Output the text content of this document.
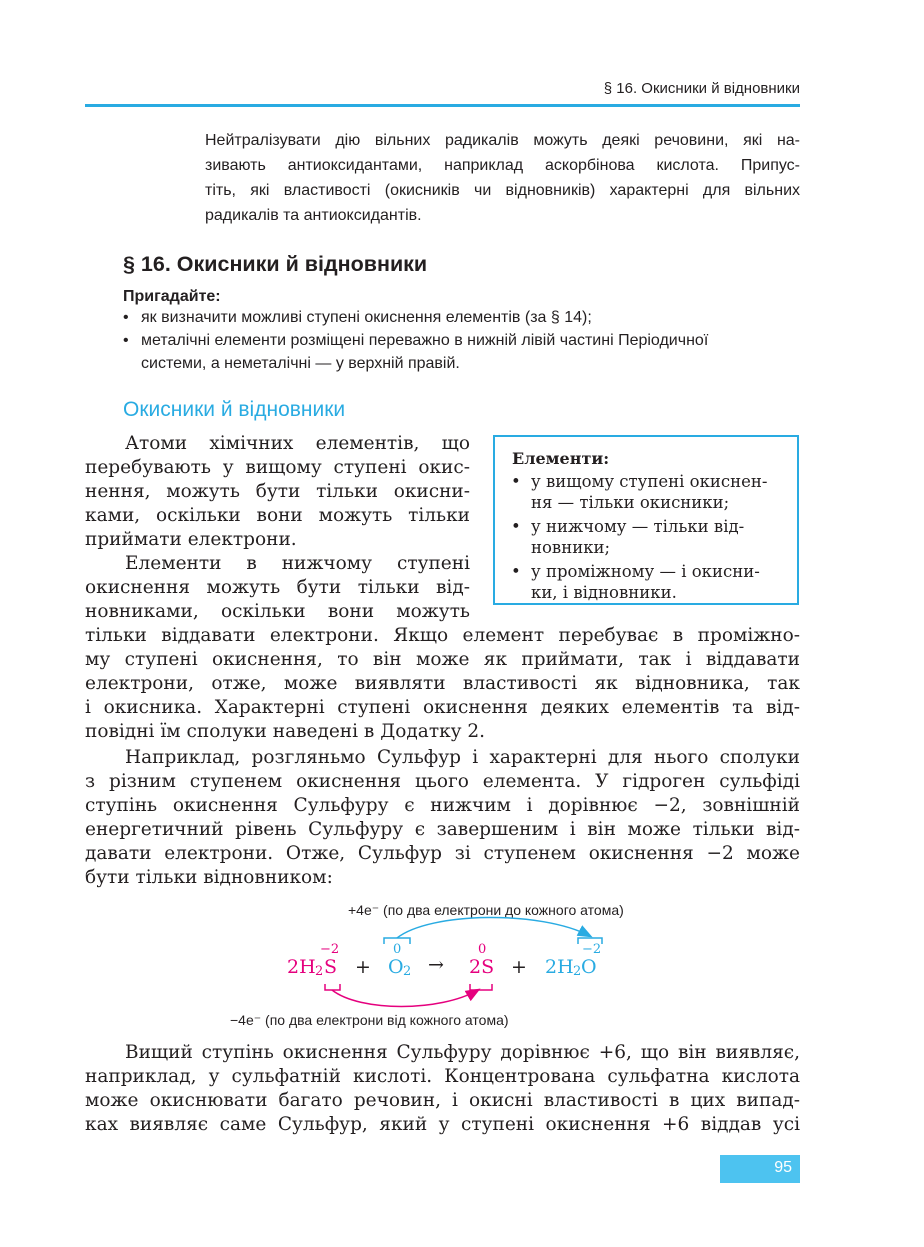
§ 16. Окисники й відновники
Нейтралізувати дію вільних радикалів можуть деякі речовини, які на-
зивають антиоксидантами, наприклад аскорбінова кислота. Припус-
тіть, які властивості (окисників чи відновників) характерні для вільних
радикалів та антиоксидантів.
§ 16. Окисники й відновники
Пригадайте:
• як визначити можливі ступені окиснення елементів (за § 14);
• металічні елементи розміщені переважно в нижній лівій частині Періодичної
системи, а неметалічні — у верхній правій.
Окисники й відновники
Атоми хімічних елементів, що
перебувають у вищому ступені окис-
нення, можуть бути тільки окисни-
ками, оскільки вони можуть тільки
приймати електрони.
Елементи в нижчому ступені
окиснення можуть бути тільки від-
новниками, оскільки вони можуть
Елементи:
• у вищому ступені окиснен-
ня — тільки окисники;
• у нижчому — тільки від-
новники;
• у проміжному — і окисни-
ки, і відновники.
тільки віддавати електрони. Якщо елемент перебуває в проміжно-
му ступені окиснення, то він може як приймати, так і віддавати
електрони, отже, може виявляти властивості як відновника, так
і окисника. Характерні ступені окиснення деяких елементів та від-
повідні їм сполуки наведені в Додатку 2.
Наприклад, розгляньмо Сульфур і характерні для нього сполуки
з різним ступенем окиснення цього елемента. У гідроген сульфіді
ступінь окиснення Сульфуру є нижчим і дорівнює −2, зовнішній
енергетичний рівень Сульфуру є завершеним і він може тільки від-
давати електрони. Отже, Сульфур зі ступенем окиснення −2 може
бути тільки відновником:
+4e⁻ (по два електрони до кожного атома)
−2	0	0	−2
2H 2 S + O 2 → 2S + 2H 2 O
−4e⁻ (по два електрони від кожного атома)
Вищий ступінь окиснення Сульфуру дорівнює +6, що він виявляє,
наприклад, у сульфатній кислоті. Концентрована сульфатна кислота
може окиснювати багато речовин, і окисні властивості в цих випад-
ках виявляє саме Сульфур, який у ступені окиснення +6 віддав усі
95
